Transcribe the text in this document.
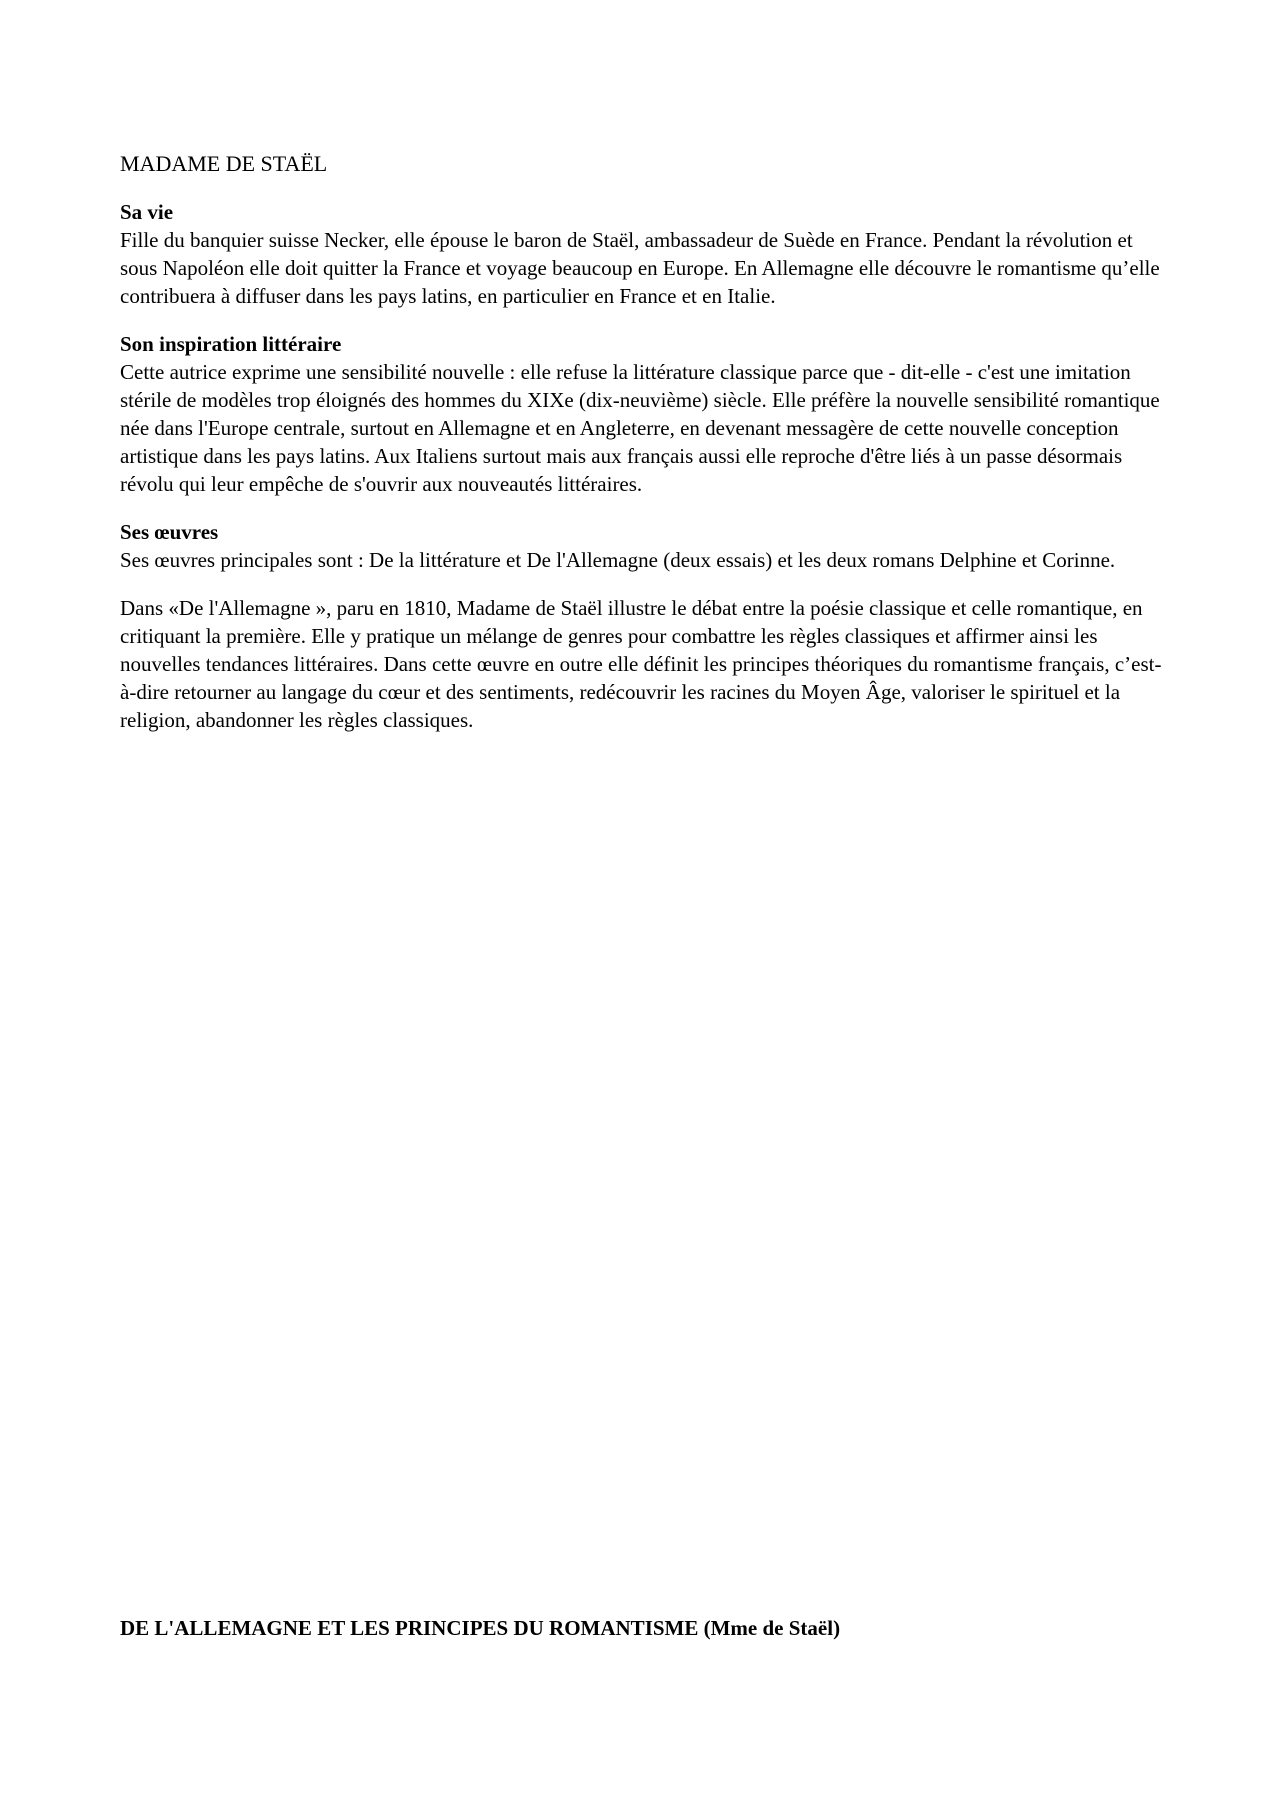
MADAME DE STAËL

Sa vie

Fille du banquier suisse Necker, elle épouse le baron de Staël, ambassadeur de Suède en France. Pendant la révolution et sous Napoléon elle doit quitter la France et voyage beaucoup en Europe. En Allemagne elle découvre le romantisme qu’elle contribuera à diffuser dans les pays latins, en particulier en France et en Italie.

Son inspiration littéraire

Cette autrice exprime une sensibilité nouvelle : elle refuse la littérature classique parce que - dit-elle - c'est une imitation stérile de modèles trop éloignés des hommes du XIXe (dix-neuvième) siècle. Elle préfère la nouvelle sensibilité romantique née dans l'Europe centrale, surtout en Allemagne et en Angleterre, en devenant messagère de cette nouvelle conception artistique dans les pays latins. Aux Italiens surtout mais aux français aussi elle reproche d'être liés à un passe désormais révolu qui leur empêche de s'ouvrir aux nouveautés littéraires.

Ses œuvres

Ses œuvres principales sont : De la littérature et De l'Allemagne (deux essais) et les deux romans Delphine et Corinne.

Dans «De l'Allemagne », paru en 1810, Madame de Staël illustre le débat entre la poésie classique et celle romantique, en critiquant la première. Elle y pratique un mélange de genres pour combattre les règles classiques et affirmer ainsi les nouvelles tendances littéraires. Dans cette œuvre en outre elle définit les principes théoriques du romantisme français, c’est-à-dire retourner au langage du cœur et des sentiments, redécouvrir les racines du Moyen Âge, valoriser le spirituel et la religion, abandonner les règles classiques.

DE L'ALLEMAGNE ET LES PRINCIPES DU ROMANTISME (Mme de Staël)
